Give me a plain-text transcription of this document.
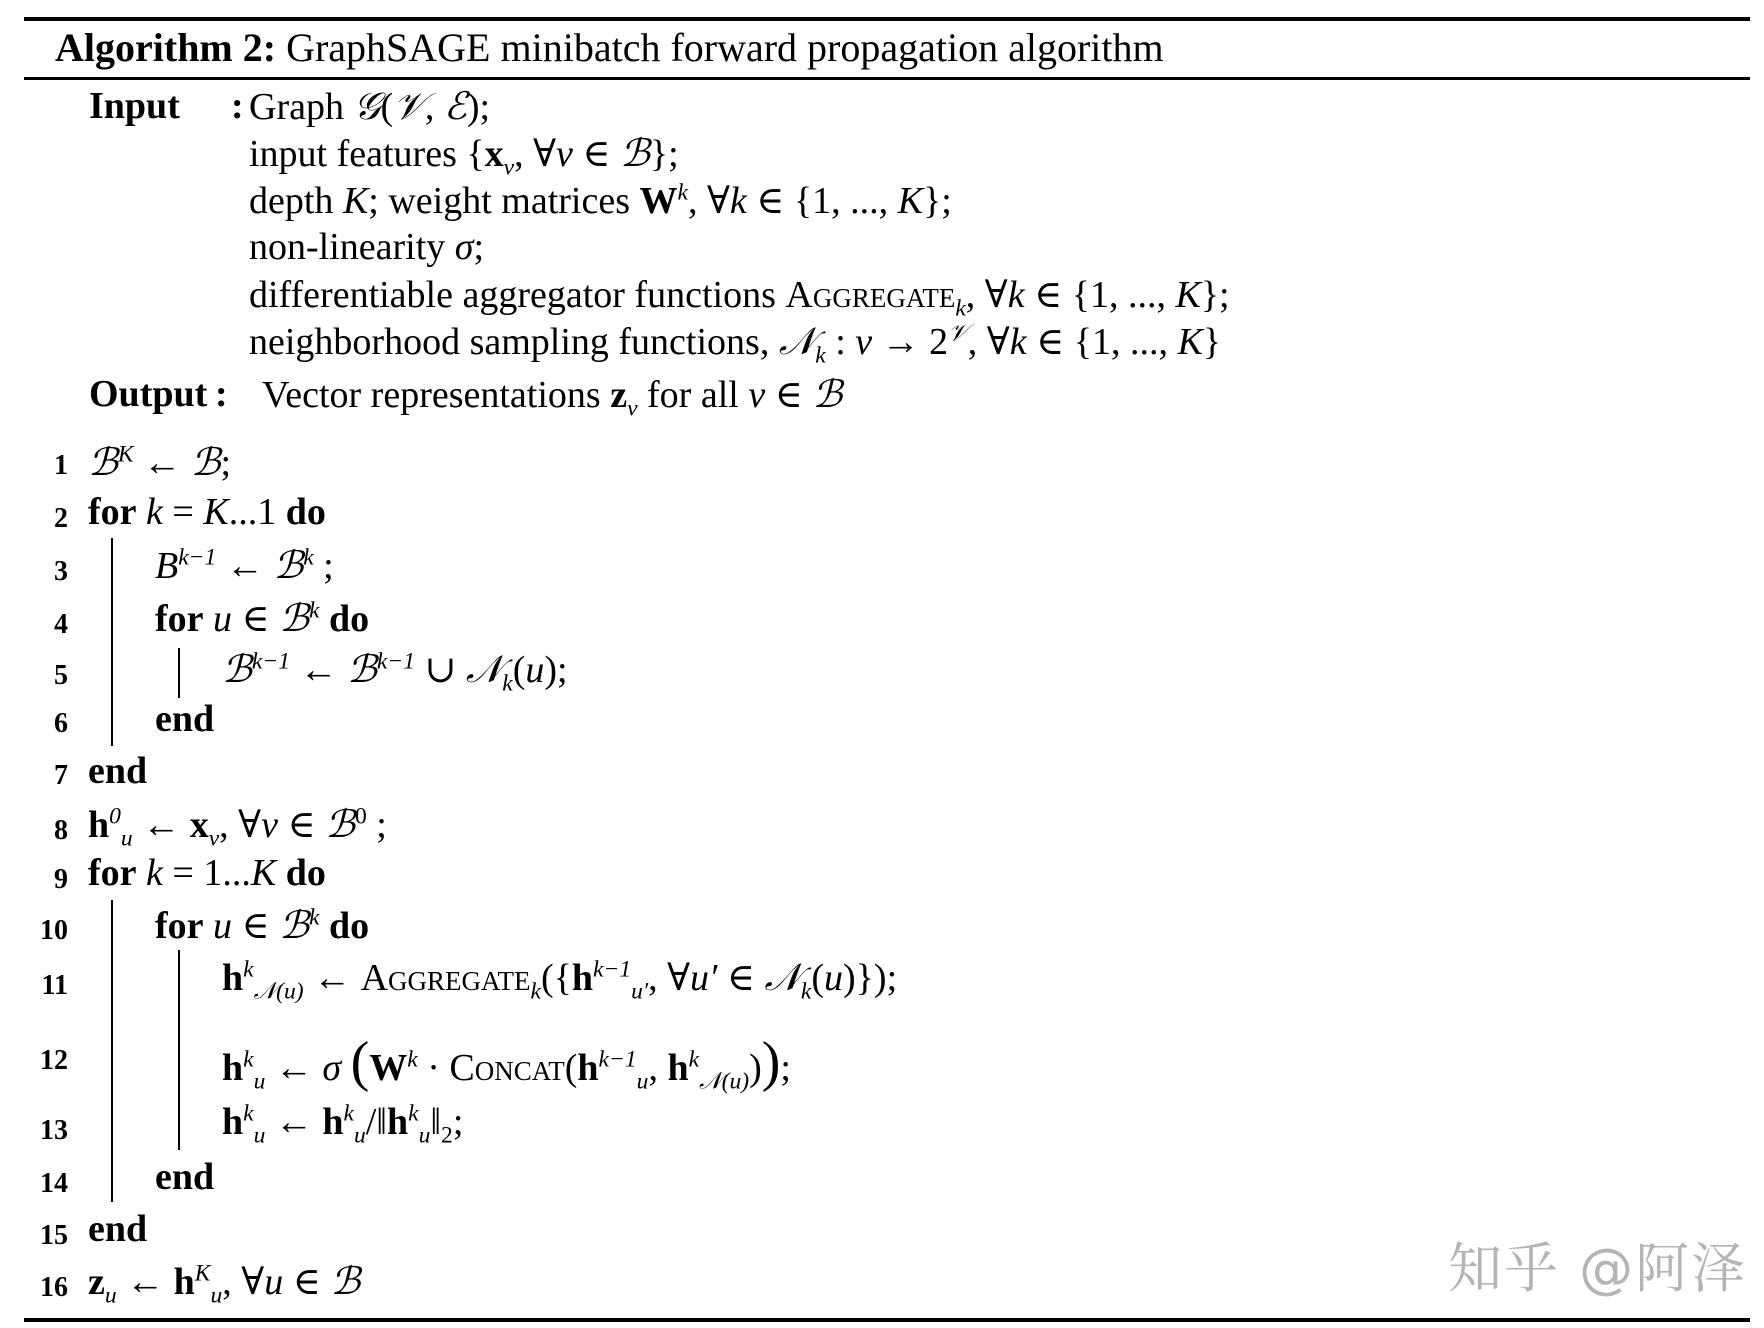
Algorithm 2: GraphSAGE minibatch forward propagation algorithm
Input : Graph 𝒢(𝒱, ℰ);
input features {$x_v$, ∀v ∈ ℬ};
depth K; weight matrices $W^k$, ∀k ∈ {1, ..., K};
non-linearity σ;
differentiable aggregator functions Aggregate$_k$, ∀k ∈ {1, ..., K};
neighborhood sampling functions, 𝒩$_k$ : $v \to 2^𝒱$, ∀k ∈ {1, ..., K}
Output : Vector representations $z_v$ for all v ∈ ℬ
1 ℬ$^K$ ← ℬ;
2 for k = K...1 do
3 $B^{k-1}$ ← ℬ$^k$ ;
4 for u ∈ ℬ$^k$ do
5	ℬ$^{k-1}$ ← ℬ$^{k-1}$ ∪ 𝒩$_k$(u);
6 end
7 end
8 $h^0_u$ ← $x_v$, ∀v ∈ ℬ$^0$ ;
9 for k = 1...K do
10 for u ∈ ℬ$^k$ do
11	$h^k_{𝒩(u)}$ ← $Aggregate_k(\{h^{k-1}_{u'}$, ∀u′ ∈ 𝒩$_k$(u)});
12	$h^k_u$ ← σ ($W^k$ · $Concat(h^{k-1}_u$, $h^k_{𝒩(u)}$));
13	$h^k_u$ ← $h^k_u/‖h^k_u‖_2$;
14 end
15 end
16 $z_u$ ← $h^K_u$, ∀u ∈ ℬ	知乎 @阿泽
